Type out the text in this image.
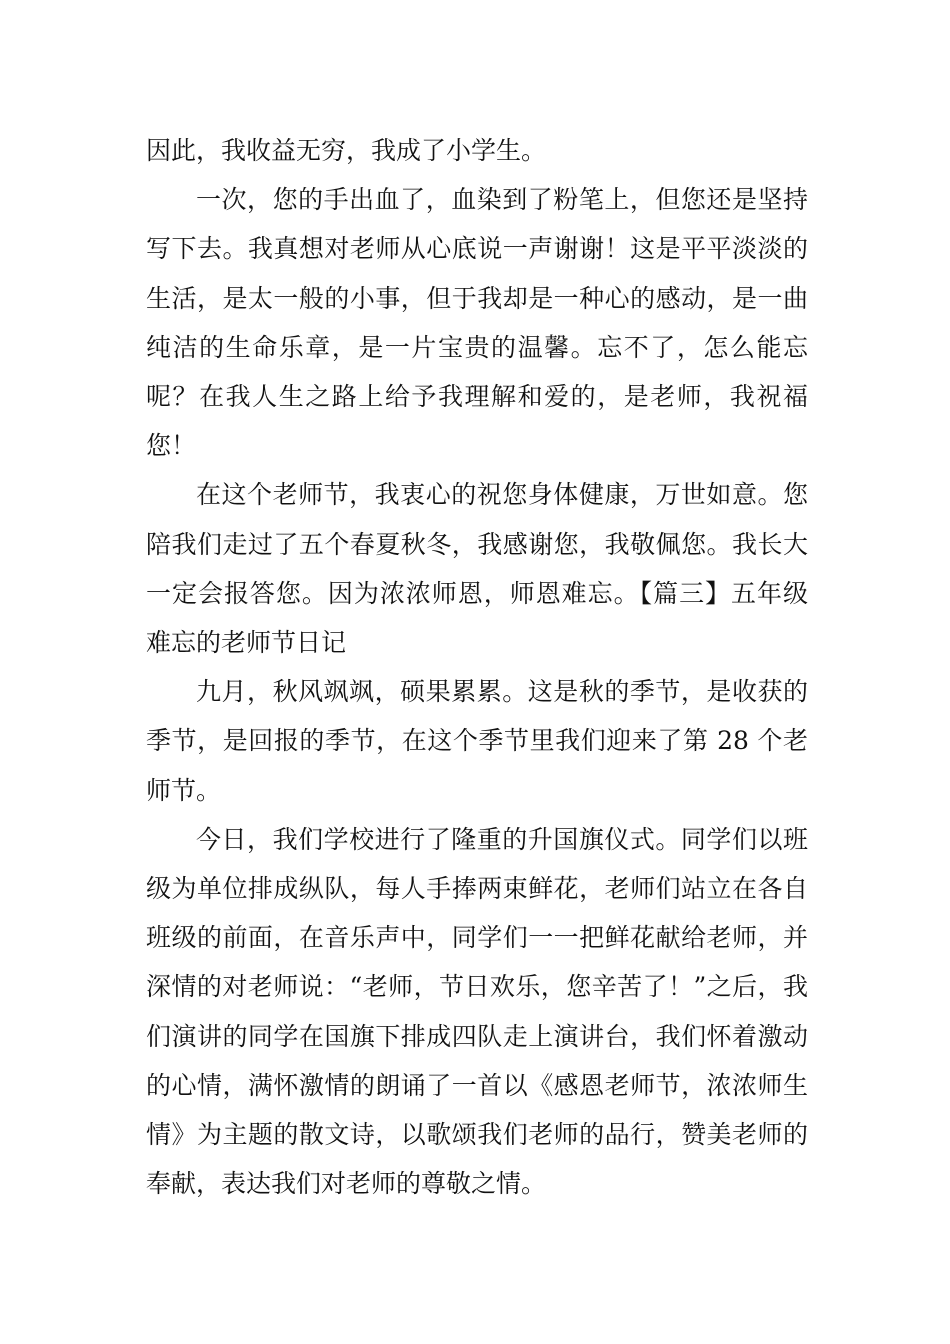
因此，我收益无穷，我成了小学生。

一次，您的手出血了，血染到了粉笔上，但您还是坚持写下去。我真想对老师从心底说一声谢谢！这是平平淡淡的生活，是太一般的小事，但于我却是一种心的感动，是一曲纯洁的生命乐章，是一片宝贵的温馨。忘不了，怎么能忘呢？在我人生之路上给予我理解和爱的，是老师，我祝福您！

在这个老师节，我衷心的祝您身体健康，万世如意。您陪我们走过了五个春夏秋冬，我感谢您，我敬佩您。我长大一定会报答您。因为浓浓师恩，师恩难忘。【篇三】五年级难忘的老师节日记

九月，秋风飒飒，硕果累累。这是秋的季节，是收获的季节，是回报的季节，在这个季节里我们迎来了第 28 个老师节。

今日，我们学校进行了隆重的升国旗仪式。同学们以班级为单位排成纵队，每人手捧两束鲜花，老师们站立在各自班级的前面，在音乐声中，同学们一一把鲜花献给老师，并深情的对老师说：“老师，节日欢乐，您辛苦了！”之后，我们演讲的同学在国旗下排成四队走上演讲台，我们怀着激动的心情，满怀激情的朗诵了一首以《感恩老师节，浓浓师生情》为主题的散文诗，以歌颂我们老师的品行，赞美老师的奉献，表达我们对老师的尊敬之情。
